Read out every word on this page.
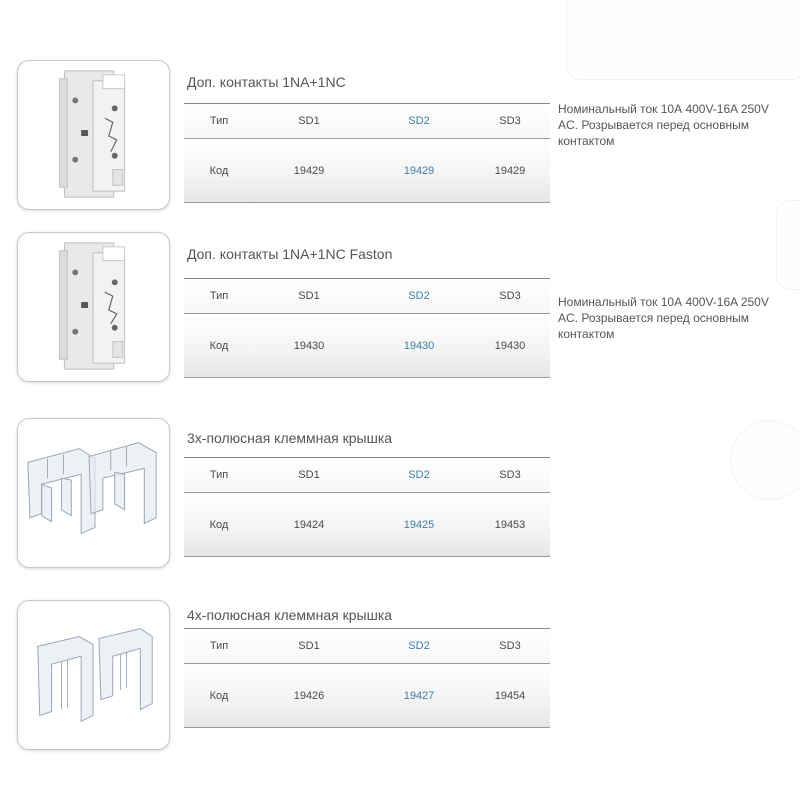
Доп. контакты 1NA+1NC
Тип	SD1	SD2	SD3
Код	19429	19429	19429
Номинальный ток 10А 400V-16A 250V AC. Розрывается перед основным контактом
Доп. контакты 1NA+1NC Faston
Тип	SD1	SD2	SD3
Код	19430	19430	19430
Номинальный ток 10А 400V-16A 250V AC. Розрывается перед основным контактом
3х-полюсная клеммная крышка
Тип	SD1	SD2	SD3
Код	19424	19425	19453
4х-полюсная клеммная крышка
Тип	SD1	SD2	SD3
Код	19426	19427	19454
